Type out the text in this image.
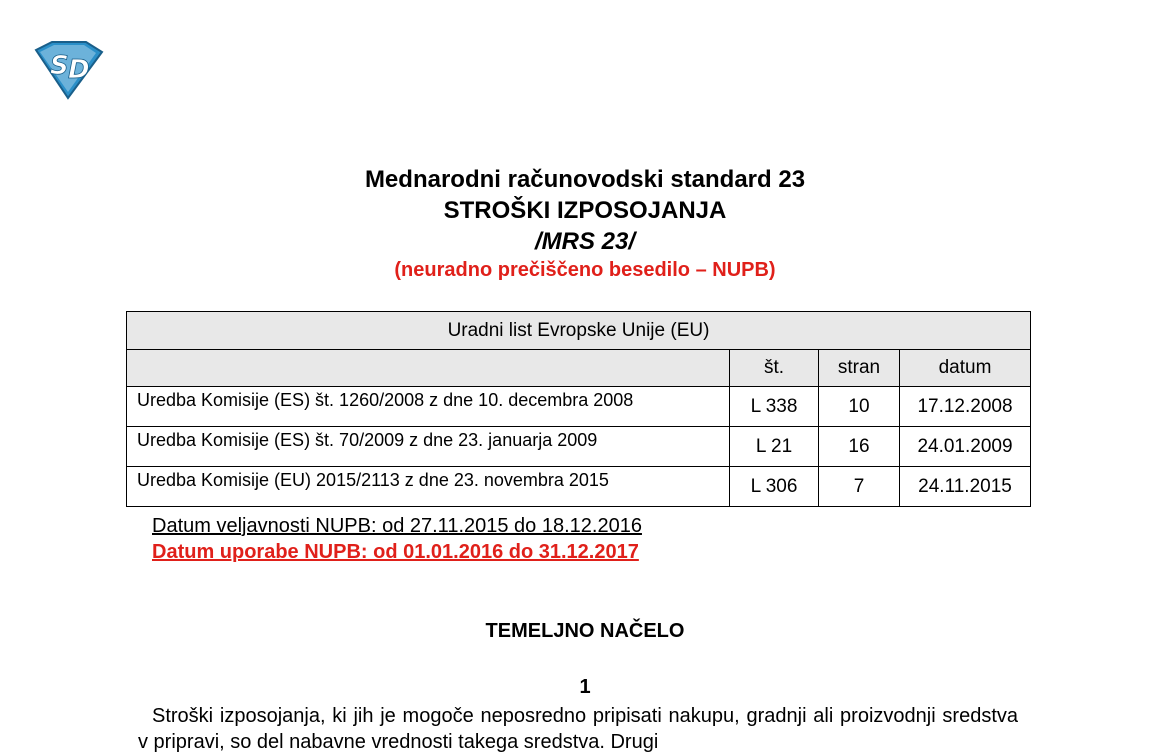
S D
Mednarodni računovodski standard 23
STROŠKI IZPOSOJANJA
/MRS 23/
(neuradno prečiščeno besedilo – NUPB)
Uradni list Evropske Unije (EU)			
	št.	stran	datum
Uredba Komisije (ES) št. 1260/2008 z dne 10. decembra 2008	L 338	10	17.12.2008
Uredba Komisije (ES) št. 70/2009 z dne 23. januarja 2009	L 21	16	24.01.2009
Uredba Komisije (EU) 2015/2113 z dne 23. novembra 2015	L 306	7	24.11.2015
Datum veljavnosti NUPB: od 27.11.2015 do 18.12.2016
Datum uporabe NUPB: od 01.01.2016 do 31.12.2017
TEMELJNO NAČELO
1
Stroški izposojanja, ki jih je mogoče neposredno pripisati nakupu, gradnji ali proizvodnji sredstva v pripravi, so del nabavne vrednosti takega sredstva. Drugi
